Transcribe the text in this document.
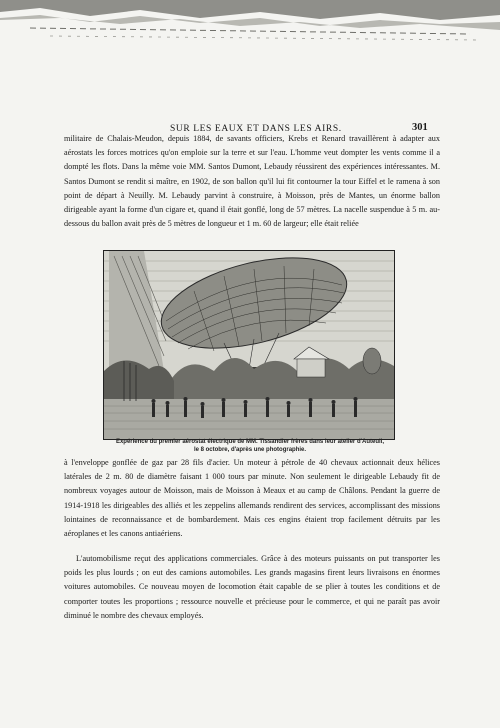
SUR LES EAUX ET DANS LES AIRS.	301

militaire de Chalais-Meudon, depuis 1884, de savants officiers, Krebs et Renard travaillèrent à adapter aux aérostats les forces motrices qu'on emploie sur la terre et sur l'eau. L'homme veut dompter les vents comme il a dompté les flots. Dans la même voie MM. Santos Dumont, Lebaudy réussirent des expériences intéressantes. M. Santos Dumont se rendit si maître, en 1902, de son ballon qu'il lui fit contourner la tour Eiffel et le ramena à son point de départ à Neuilly. M. Lebaudy parvint à construire, à Moisson, près de Mantes, un énorme ballon dirigeable ayant la forme d'un cigare et, quand il était gonflé, long de 57 mètres. La nacelle suspendue à 5 m. au-dessous du ballon avait près de 5 mètres de longueur et 1 m. 60 de largeur; elle était reliée

Expérience du premier aérostat électrique de MM. Tissandier frères dans leur atelier d'Auteuil,
le 8 octobre, d'après une photographie.

à l'enveloppe gonflée de gaz par 28 fils d'acier. Un moteur à pétrole de 40 chevaux actionnait deux hélices latérales de 2 m. 80 de diamètre faisant 1 000 tours par minute. Non seulement le dirigeable Lebaudy fit de nombreux voyages autour de Moisson, mais de Moisson à Meaux et au camp de Châlons. Pendant la guerre de 1914-1918 les dirigeables des alliés et les zeppelins allemands rendirent des services, accomplissant des missions lointaines de reconnaissance et de bombardement. Mais ces engins étaient trop facilement détruits par les aéroplanes et les canons antiaériens.

L'automobilisme reçut des applications commerciales. Grâce à des moteurs puissants on put transporter les poids les plus lourds ; on eut des camions automobiles. Les grands magasins firent leurs livraisons en énormes voitures automobiles. Ce nouveau moyen de locomotion était capable de se plier à toutes les conditions et de comporter toutes les proportions ; ressource nouvelle et précieuse pour le commerce, et qui ne paraît pas avoir diminué le nombre des chevaux employés.
